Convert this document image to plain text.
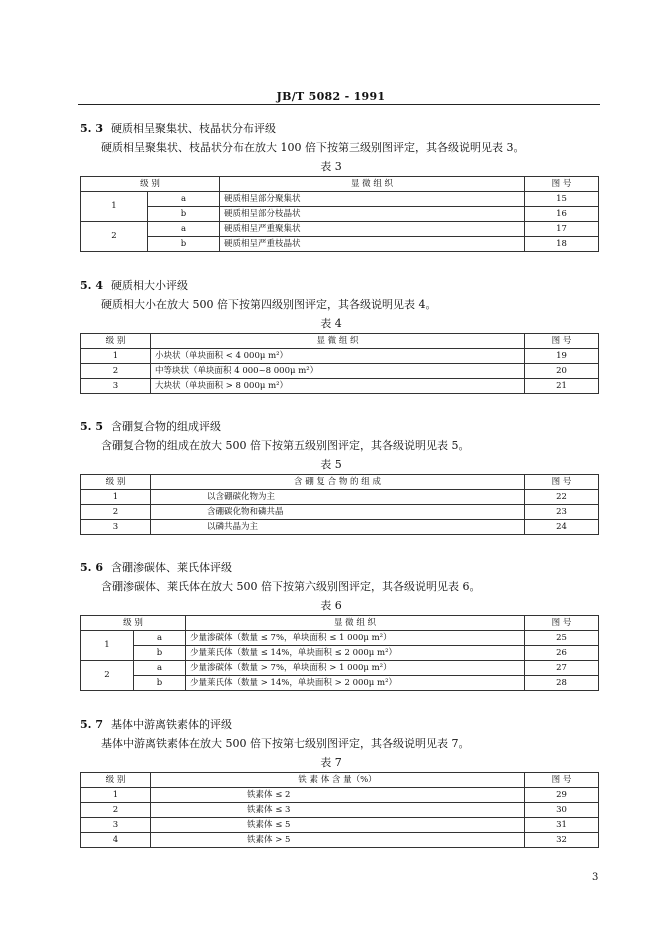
JB/T 5082 - 1991
5. 3 硬质相呈聚集状、枝晶状分布评级
硬质相呈聚集状、枝晶状分布在放大 100 倍下按第三级别图评定，其各级说明见表 3。
表 3
级 别		显 微 组 织	图 号
1	a	硬质相呈部分聚集状	15
	b	硬质相呈部分枝晶状	16
2	a	硬质相呈严重聚集状	17
	b	硬质相呈严重枝晶状	18
5. 4 硬质相大小评级
硬质相大小在放大 500 倍下按第四级别图评定，其各级说明见表 4。
表 4
级 别	显 微 组 织	图 号
1	小块状（单块面积 < 4 000μ m²）	19
2	中等块状（单块面积 4 000~8 000μ m²）	20
3	大块状（单块面积 > 8 000μ m²）	21
5. 5 含硼复合物的组成评级
含硼复合物的组成在放大 500 倍下按第五级别图评定，其各级说明见表 5。
表 5
级 别	含 硼 复 合 物 的 组 成	图 号
1	以含硼碳化物为主	22
2	含硼碳化物和磷共晶	23
3	以磷共晶为主	24
5. 6 含硼渗碳体、莱氏体评级
含硼渗碳体、莱氏体在放大 500 倍下按第六级别图评定，其各级说明见表 6。
表 6
级 别		显 微 组 织	图 号
1	a	少量渗碳体（数量 ≤ 7%，单块面积 ≤ 1 000μ m²）	25
	b	少量莱氏体（数量 ≤ 14%，单块面积 ≤ 2 000μ m²）	26
2	a	少量渗碳体（数量 > 7%，单块面积 > 1 000μ m²）	27
	b	少量莱氏体（数量 > 14%，单块面积 > 2 000μ m²）	28
5. 7 基体中游离铁素体的评级
基体中游离铁素体在放大 500 倍下按第七级别图评定，其各级说明见表 7。
表 7
级 别	铁 素 体 含 量（%）	图 号
1	铁素体 ≤ 2	29
2	铁素体 ≤ 3	30
3	铁素体 ≤ 5	31
4	铁素体 > 5	32
3
